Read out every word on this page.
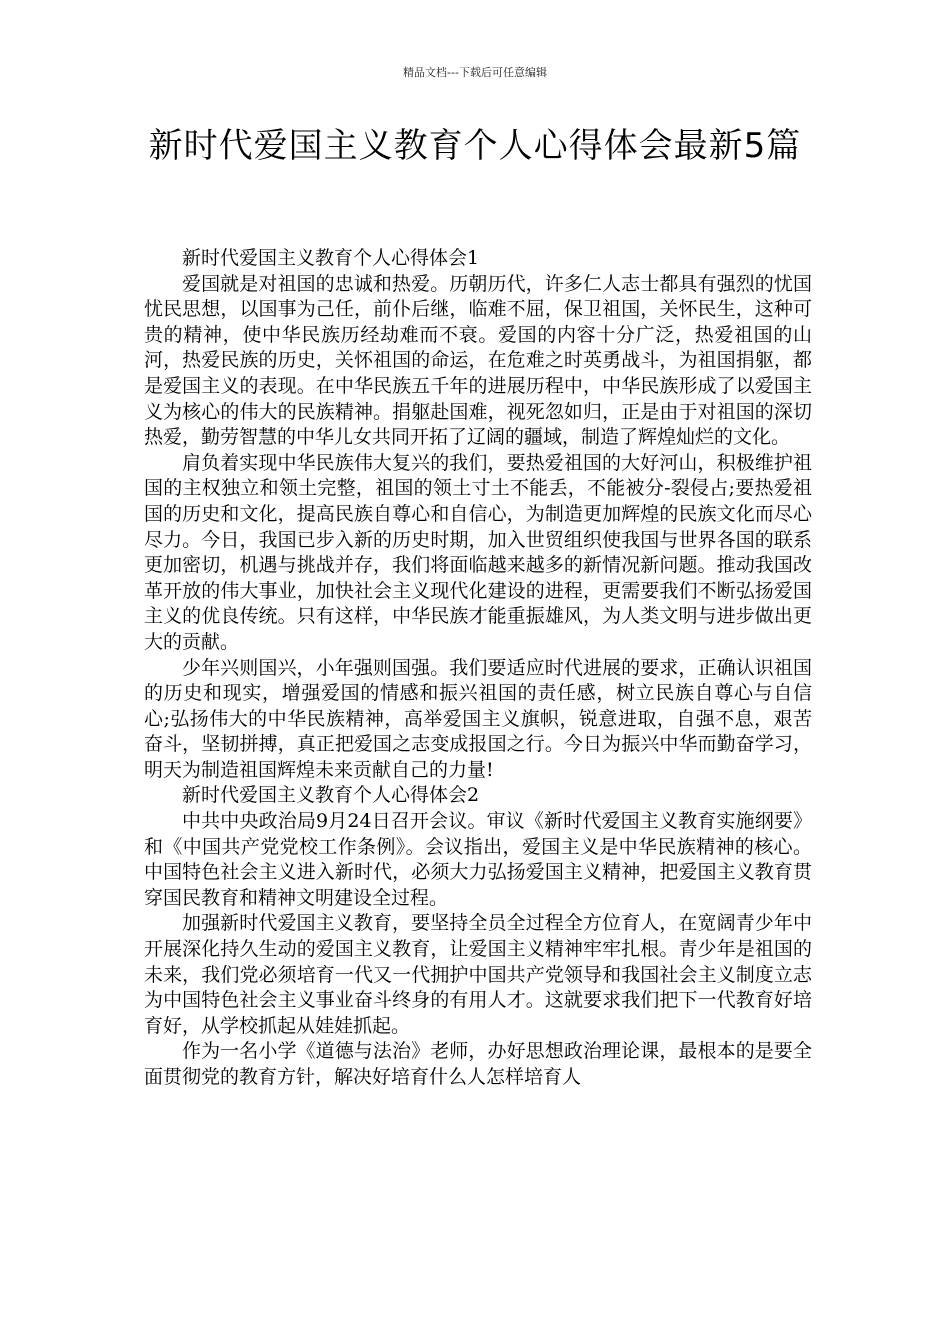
精品文档---下载后可任意编辑
新时代爱国主义教育个人心得体会最新5篇

新时代爱国主义教育个人心得体会1

爱国就是对祖国的忠诚和热爱。历朝历代，许多仁人志士都具有强烈的忧国忧民思想，以国事为己任，前仆后继，临难不屈，保卫祖国，关怀民生，这种可贵的精神，使中华民族历经劫难而不衰。爱国的内容十分广泛，热爱祖国的山河，热爱民族的历史，关怀祖国的命运，在危难之时英勇战斗，为祖国捐躯，都是爱国主义的表现。在中华民族五千年的进展历程中，中华民族形成了以爱国主义为核心的伟大的民族精神。捐躯赴国难，视死忽如归，正是由于对祖国的深切热爱，勤劳智慧的中华儿女共同开拓了辽阔的疆域，制造了辉煌灿烂的文化。

肩负着实现中华民族伟大复兴的我们，要热爱祖国的大好河山，积极维护祖国的主权独立和领土完整，祖国的领土寸土不能丢，不能被分-裂侵占;要热爱祖国的历史和文化，提高民族自尊心和自信心，为制造更加辉煌的民族文化而尽心尽力。今日，我国已步入新的历史时期，加入世贸组织使我国与世界各国的联系更加密切，机遇与挑战并存，我们将面临越来越多的新情况新问题。推动我国改革开放的伟大事业，加快社会主义现代化建设的进程，更需要我们不断弘扬爱国主义的优良传统。只有这样，中华民族才能重振雄风，为人类文明与进步做出更大的贡献。

少年兴则国兴，小年强则国强。我们要适应时代进展的要求，正确认识祖国的历史和现实，增强爱国的情感和振兴祖国的责任感，树立民族自尊心与自信心;弘扬伟大的中华民族精神，高举爱国主义旗帜，锐意进取，自强不息，艰苦奋斗，坚韧拼搏，真正把爱国之志变成报国之行。今日为振兴中华而勤奋学习，明天为制造祖国辉煌未来贡献自己的力量!

新时代爱国主义教育个人心得体会2

中共中央政治局9月24日召开会议。审议《新时代爱国主义教育实施纲要》和《中国共产党党校工作条例》。会议指出，爱国主义是中华民族精神的核心。中国特色社会主义进入新时代，必须大力弘扬爱国主义精神，把爱国主义教育贯穿国民教育和精神文明建设全过程。

加强新时代爱国主义教育，要坚持全员全过程全方位育人，在宽阔青少年中开展深化持久生动的爱国主义教育，让爱国主义精神牢牢扎根。青少年是祖国的未来，我们党必须培育一代又一代拥护中国共产党领导和我国社会主义制度立志为中国特色社会主义事业奋斗终身的有用人才。这就要求我们把下一代教育好培育好，从学校抓起从娃娃抓起。

作为一名小学《道德与法治》老师，办好思想政治理论课，最根本的是要全面贯彻党的教育方针，解决好培育什么人怎样培育人
